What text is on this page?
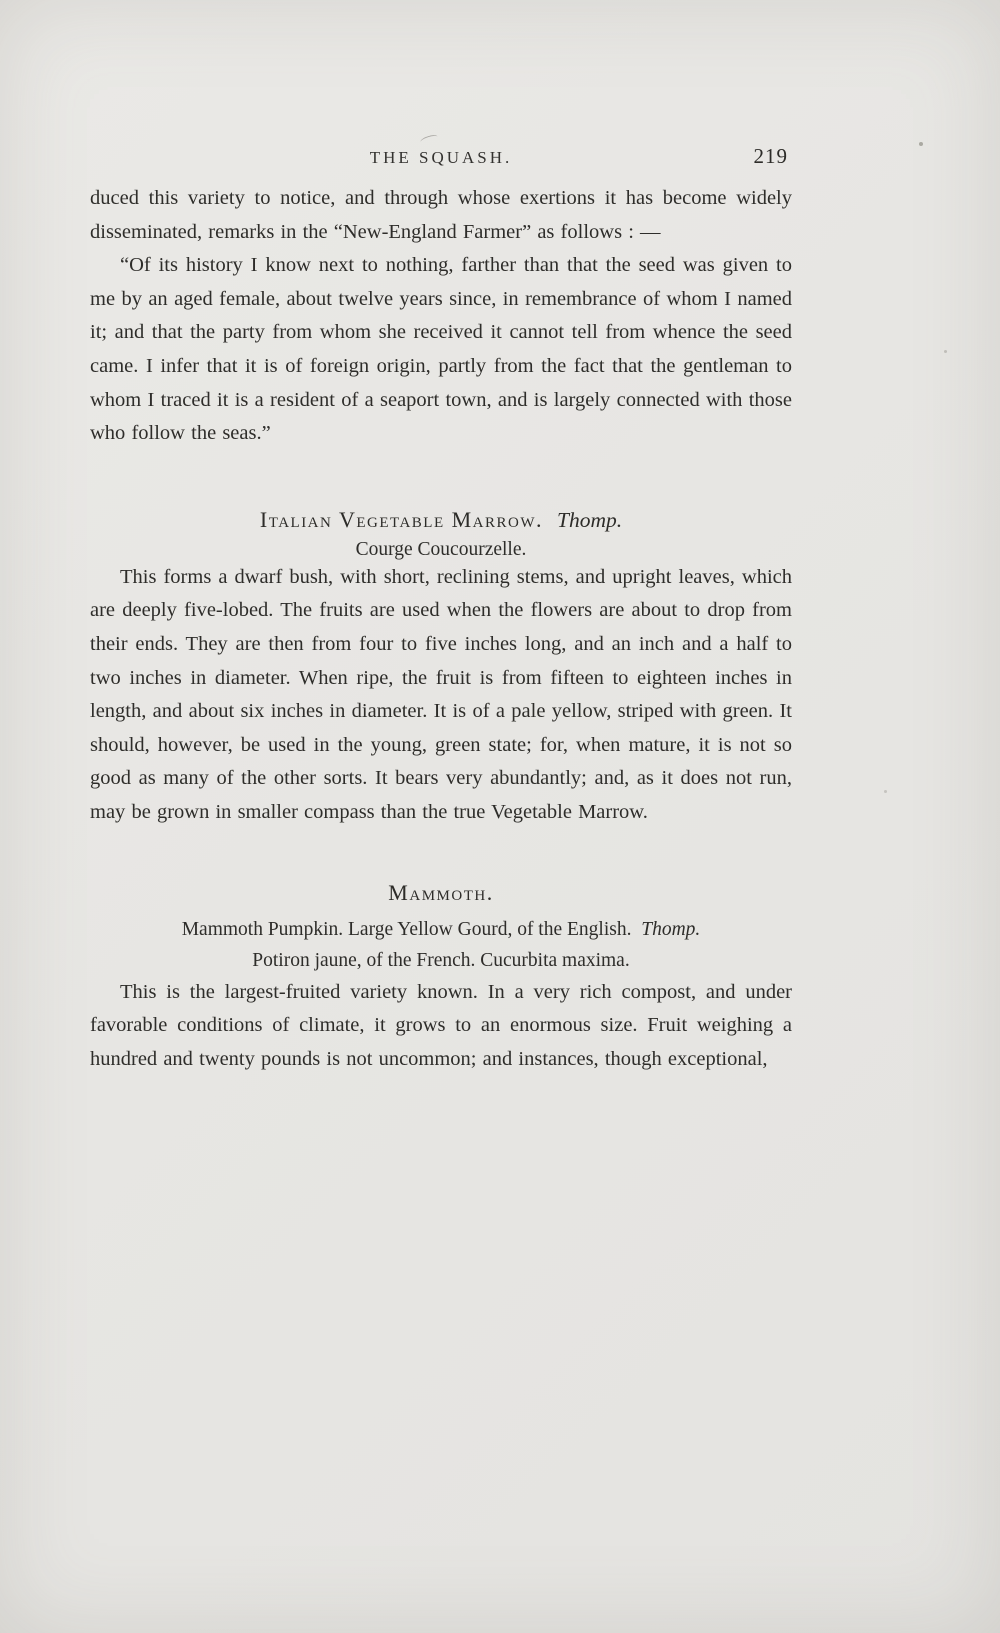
THE SQUASH.	219

duced this variety to notice, and through whose exertions it has become widely disseminated, remarks in the “New-England Farmer” as follows : —

“Of its history I know next to nothing, farther than that the seed was given to me by an aged female, about twelve years since, in remembrance of whom I named it; and that the party from whom she received it cannot tell from whence the seed came. I infer that it is of foreign origin, partly from the fact that the gentleman to whom I traced it is a resident of a seaport town, and is largely connected with those who follow the seas.”

Italian Vegetable Marrow. Thomp.
Courge Coucourzelle.

This forms a dwarf bush, with short, reclining stems, and upright leaves, which are deeply five-lobed. The fruits are used when the flowers are about to drop from their ends. They are then from four to five inches long, and an inch and a half to two inches in diameter. When ripe, the fruit is from fifteen to eighteen inches in length, and about six inches in diameter. It is of a pale yellow, striped with green. It should, however, be used in the young, green state; for, when mature, it is not so good as many of the other sorts. It bears very abundantly; and, as it does not run, may be grown in smaller compass than the true Vegetable Marrow.

Mammoth.
Mammoth Pumpkin. Large Yellow Gourd, of the English. Thomp.
Potiron jaune, of the French. Cucurbita maxima.

This is the largest-fruited variety known. In a very rich compost, and under favorable conditions of climate, it grows to an enormous size. Fruit weighing a hundred and twenty pounds is not uncommon; and instances, though exceptional,
